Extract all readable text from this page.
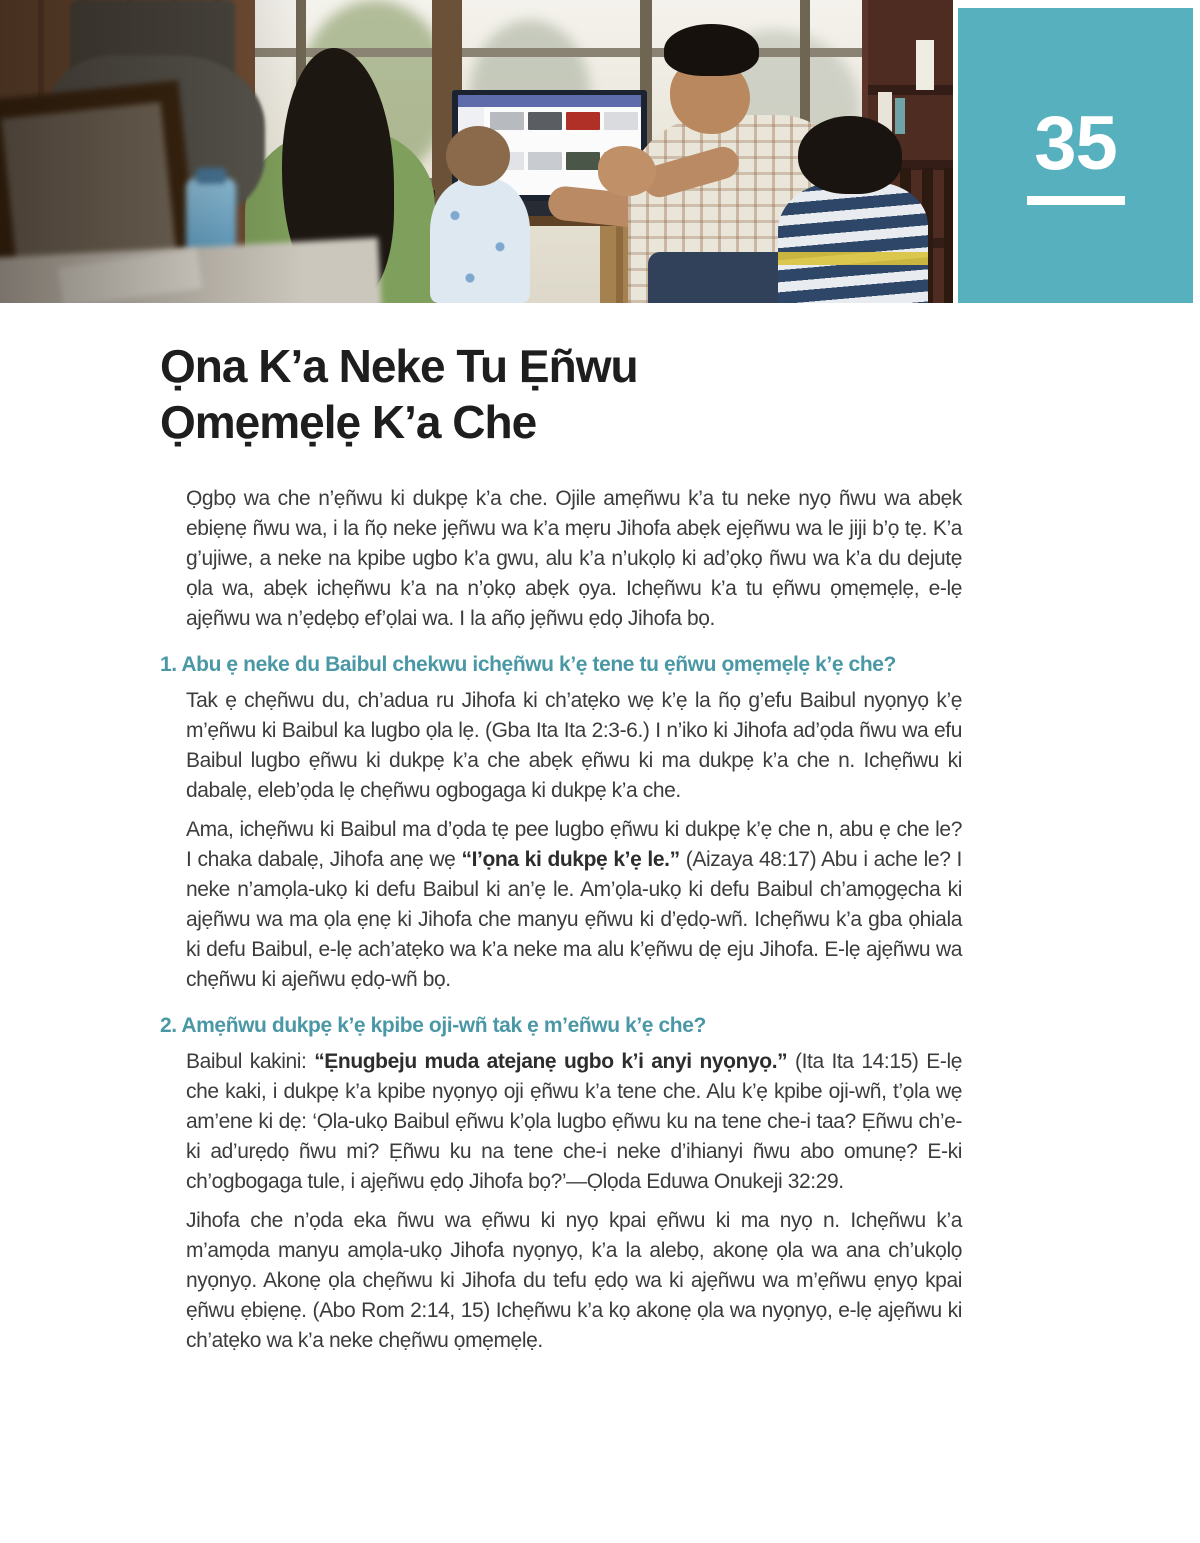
35
Ọna K’a Neke Tu Ẹñwu
Ọmẹmẹlẹ K’a Che

Ọgbọ wa che n’ẹñwu ki dukpẹ k’a che. Ojile amẹñwu k’a tu neke nyọ ñwu wa abẹk ebiẹnẹ ñwu wa, i la ñọ neke jẹñwu wa k’a mẹru Jihofa abẹk ejẹñwu wa le jiji b’ọ tẹ. K’a g’ujiwe, a neke na kpibe ugbo k’a gwu, alu k’a n’ukọlọ ki ad’ọkọ ñwu wa k’a du dejutẹ ọla wa, abẹk ichẹñwu k’a na n’ọkọ abẹk ọya. Ichẹñwu k’a tu ẹñwu ọmẹmẹlẹ, e-lẹ ajẹñwu wa n’ẹdẹbọ ef’ọlai wa. I la añọ jẹñwu ẹdọ Jihofa bọ.

1. Abu ẹ neke du Baibul chekwu ichẹñwu k’ẹ tene tu ẹñwu ọmẹmẹlẹ k’ẹ che?

Tak ẹ chẹñwu du, ch’adua ru Jihofa ki ch’atẹko wẹ k’ẹ la ñọ g’efu Baibul nyọnyọ k’ẹ m’ẹñwu ki Baibul ka lugbo ọla lẹ. (Gba Ita Ita 2:3-6.) I n’iko ki Jihofa ad’ọda ñwu wa efu Baibul lugbo ẹñwu ki dukpẹ k’a che abẹk ẹñwu ki ma dukpẹ k’a che n. Ichẹñwu ki dabalẹ, eleb’ọda lẹ chẹñwu ogbogaga ki dukpẹ k’a che.

Ama, ichẹñwu ki Baibul ma d’ọda tẹ pee lugbo ẹñwu ki dukpẹ k’ẹ che n, abu ẹ che le? I chaka dabalẹ, Jihofa anẹ wẹ “I’ọna ki dukpẹ k’ẹ le.” (Aizaya 48:17) Abu i ache le? I neke n’amọla-ukọ ki defu Baibul ki an’ẹ le. Am’ọla-ukọ ki defu Baibul ch’amọgẹcha ki ajẹñwu wa ma ọla ẹnẹ ki Jihofa che manyu ẹñwu ki d’ẹdọ-wñ. Ichẹñwu k’a gba ọhiala ki defu Baibul, e-lẹ ach’atẹko wa k’a neke ma alu k’ẹñwu dẹ eju Jihofa. E-lẹ ajẹñwu wa chẹñwu ki ajeñwu ẹdọ-wñ bọ.

2. Amẹñwu dukpẹ k’ẹ kpibe oji-wñ tak ẹ m’eñwu k’ẹ che?

Baibul kakini: “Ẹnugbeju muda atejanẹ ugbo k’i anyi nyọnyọ.” (Ita Ita 14:15) E-lẹ che kaki, i dukpẹ k’a kpibe nyọnyọ oji ẹñwu k’a tene che. Alu k’ẹ kpibe oji-wñ, t’ọla wẹ am’ene ki dẹ: ‘Ọla-ukọ Baibul ẹñwu k’ọla lugbo ẹñwu ku na tene che-i taa? Ẹñwu ch’e-ki ad’urẹdọ ñwu mi? Ẹñwu ku na tene che-i neke d’ihianyi ñwu abo omunẹ? E-ki ch’ogbogaga tule, i ajẹñwu ẹdọ Jihofa bọ?’—Ọlọda Eduwa Onukeji 32:29.

Jihofa che n’ọda eka ñwu wa ẹñwu ki nyọ kpai ẹñwu ki ma nyọ n. Ichẹñwu k’a m’amọda manyu amọla-ukọ Jihofa nyọnyọ, k’a la alebọ, akonẹ ọla wa ana ch’ukọlọ nyọnyọ. Akonẹ ọla chẹñwu ki Jihofa du tefu ẹdọ wa ki ajẹñwu wa m’ẹñwu ẹnyọ kpai ẹñwu ẹbiẹnẹ. (Abo Rom 2:14, 15) Ichẹñwu k’a kọ akonẹ ọla wa nyọnyọ, e-lẹ ajẹñwu ki ch’atẹko wa k’a neke chẹñwu ọmẹmẹlẹ.
